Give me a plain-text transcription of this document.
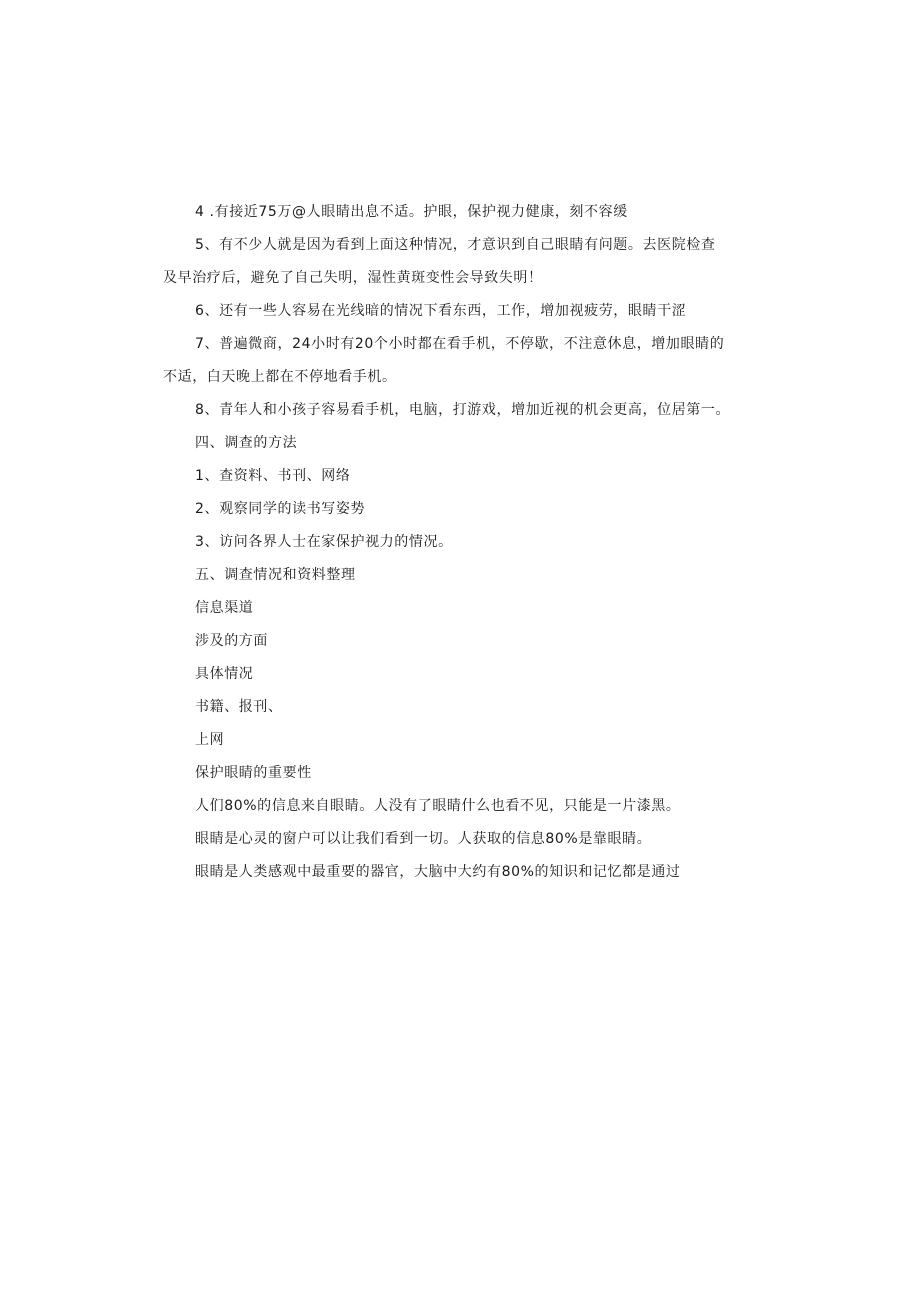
4 .有接近75万@人眼睛出息不适。护眼，保护视力健康，刻不容缓
5、有不少人就是因为看到上面这种情况，才意识到自己眼睛有问题。去医院检查
及早治疗后，避免了自己失明，湿性黄斑变性会导致失明！
6、还有一些人容易在光线暗的情况下看东西，工作，增加视疲劳，眼睛干涩
7、普遍微商，24小时有20个小时都在看手机，不停歇，不注意休息，增加眼睛的
不适，白天晚上都在不停地看手机。
8、青年人和小孩子容易看手机，电脑，打游戏，增加近视的机会更高，位居第一。
四、调查的方法
1、查资料、书刊、网络
2、观察同学的读书写姿势
3、访问各界人士在家保护视力的情况。
五、调查情况和资料整理
信息渠道
涉及的方面
具体情况
书籍、报刊、
上网
保护眼睛的重要性
人们80%的信息来自眼睛。人没有了眼睛什么也看不见，只能是一片漆黑。
眼睛是心灵的窗户可以让我们看到一切。人获取的信息80%是靠眼睛。
眼睛是人类感观中最重要的器官，大脑中大约有80%的知识和记忆都是通过
